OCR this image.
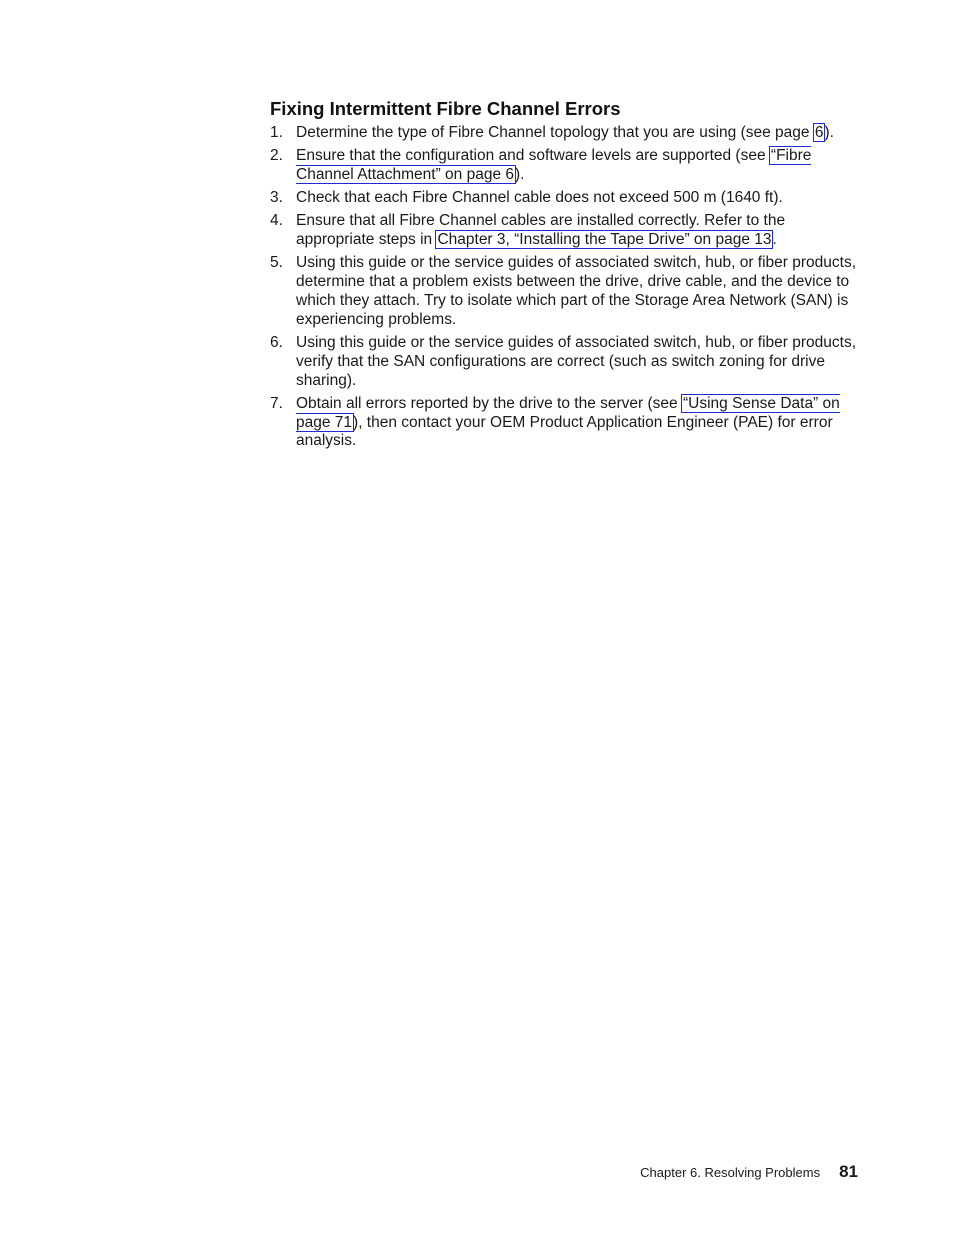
Fixing Intermittent Fibre Channel Errors
1. Determine the type of Fibre Channel topology that you are using (see page 6).
2. Ensure that the configuration and software levels are supported (see “Fibre Channel Attachment” on page 6).
3. Check that each Fibre Channel cable does not exceed 500 m (1640 ft).
4. Ensure that all Fibre Channel cables are installed correctly. Refer to the appropriate steps in Chapter 3, “Installing the Tape Drive” on page 13.
5. Using this guide or the service guides of associated switch, hub, or fiber products, determine that a problem exists between the drive, drive cable, and the device to which they attach. Try to isolate which part of the Storage Area Network (SAN) is experiencing problems.
6. Using this guide or the service guides of associated switch, hub, or fiber products, verify that the SAN configurations are correct (such as switch zoning for drive sharing).
7. Obtain all errors reported by the drive to the server (see “Using Sense Data” on page 71), then contact your OEM Product Application Engineer (PAE) for error analysis.
Chapter 6. Resolving Problems 81
